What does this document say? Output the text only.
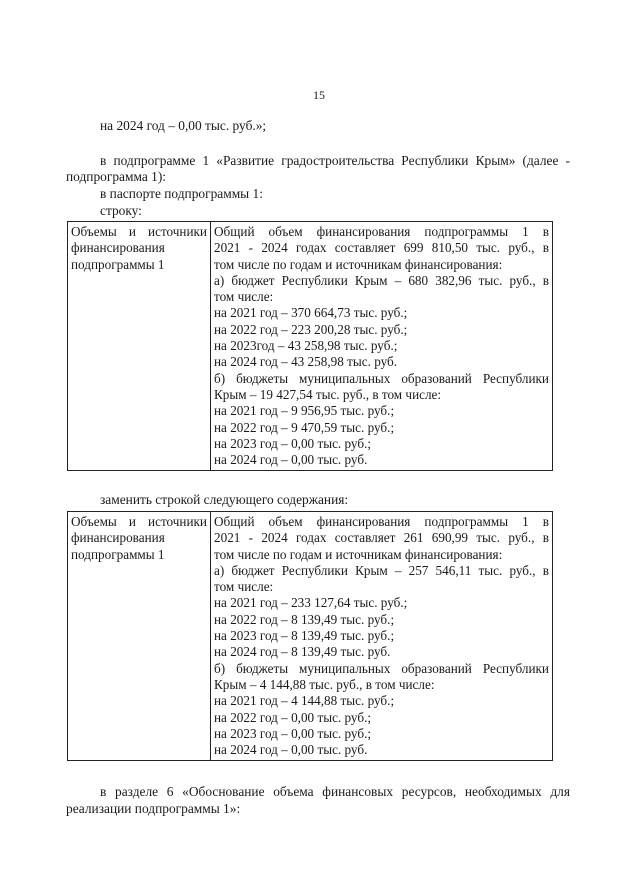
15
на 2024 год – 0,00 тыс. руб.»;
в подпрограмме 1 «Развитие градостроительства Республики Крым» (далее -
подпрограмма 1):
в паспорте подпрограммы 1:
строку:
Объемы и источники финансирования подпрограммы 1

Общий объем финансирования подпрограммы 1 в
2021 - 2024 годах составляет 699 810,50 тыс. руб., в
том числе по годам и источникам финансирования:
а) бюджет Республики Крым – 680 382,96 тыс. руб., в
том числе:
на 2021 год – 370 664,73 тыс. руб.;
на 2022 год – 223 200,28 тыс. руб.;
на 2023год – 43 258,98 тыс. руб.;
на 2024 год – 43 258,98 тыс. руб.
б) бюджеты муниципальных образований Республики
Крым – 19 427,54 тыс. руб., в том числе:
на 2021 год – 9 956,95 тыс. руб.;
на 2022 год – 9 470,59 тыс. руб.;
на 2023 год – 0,00 тыс. руб.;
на 2024 год – 0,00 тыс. руб.
заменить строкой следующего содержания:
Объемы и источники финансирования подпрограммы 1

Общий объем финансирования подпрограммы 1 в
2021 - 2024 годах составляет 261 690,99 тыс. руб., в
том числе по годам и источникам финансирования:
а) бюджет Республики Крым – 257 546,11 тыс. руб., в
том числе:
на 2021 год – 233 127,64 тыс. руб.;
на 2022 год – 8 139,49 тыс. руб.;
на 2023 год – 8 139,49 тыс. руб.;
на 2024 год – 8 139,49 тыс. руб.
б) бюджеты муниципальных образований Республики
Крым – 4 144,88 тыс. руб., в том числе:
на 2021 год – 4 144,88 тыс. руб.;
на 2022 год – 0,00 тыс. руб.;
на 2023 год – 0,00 тыс. руб.;
на 2024 год – 0,00 тыс. руб.
в разделе 6 «Обоснование объема финансовых ресурсов, необходимых для
реализации подпрограммы 1»:
